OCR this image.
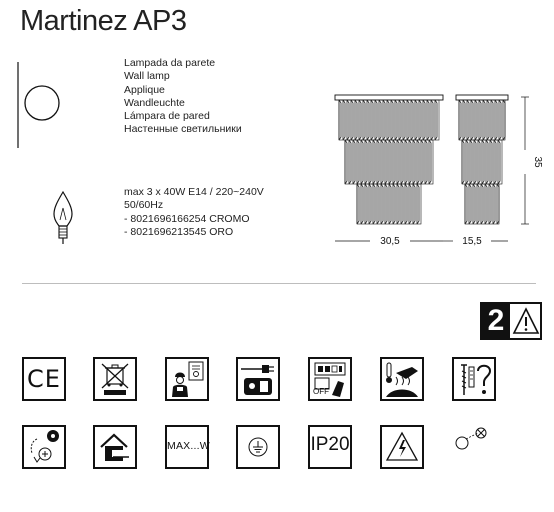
Martinez AP3
Lampada da parete
Wall lamp
Applique
Wandleuchte
Lámpara de pared
Настенные светильники
max 3 x 40W E14 / 220~240V
50/60Hz
- 8021696166254 CROMO
- 8021696213545 ORO
30,5	15,5
35
2
CE	OFF
MAX...W	IP20
